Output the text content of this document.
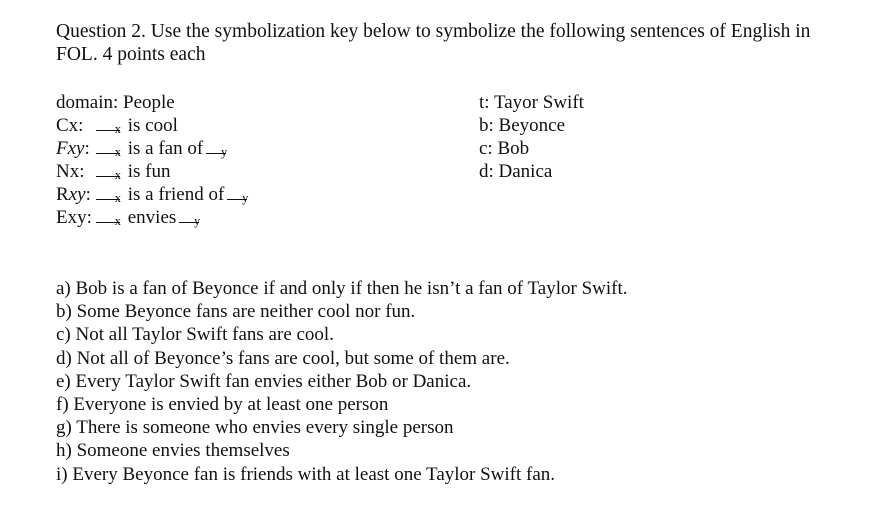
Question 2. Use the symbolization key below to symbolize the following sentences of English in
FOL. 4 points each

domain: People
Cx:	x is cool
Fxy: x is a fan of y
Nx: x is fun
Rxy: x is a friend of y
Exy: x envies y
t: Tayor Swift
b: Beyonce
c: Bob
d: Danica
a) Bob is a fan of Beyonce if and only if then he isn’t a fan of Taylor Swift.
b) Some Beyonce fans are neither cool nor fun.
c) Not all Taylor Swift fans are cool.
d) Not all of Beyonce’s fans are cool, but some of them are.
e) Every Taylor Swift fan envies either Bob or Danica.
f) Everyone is envied by at least one person
g) There is someone who envies every single person
h) Someone envies themselves
i) Every Beyonce fan is friends with at least one Taylor Swift fan.
